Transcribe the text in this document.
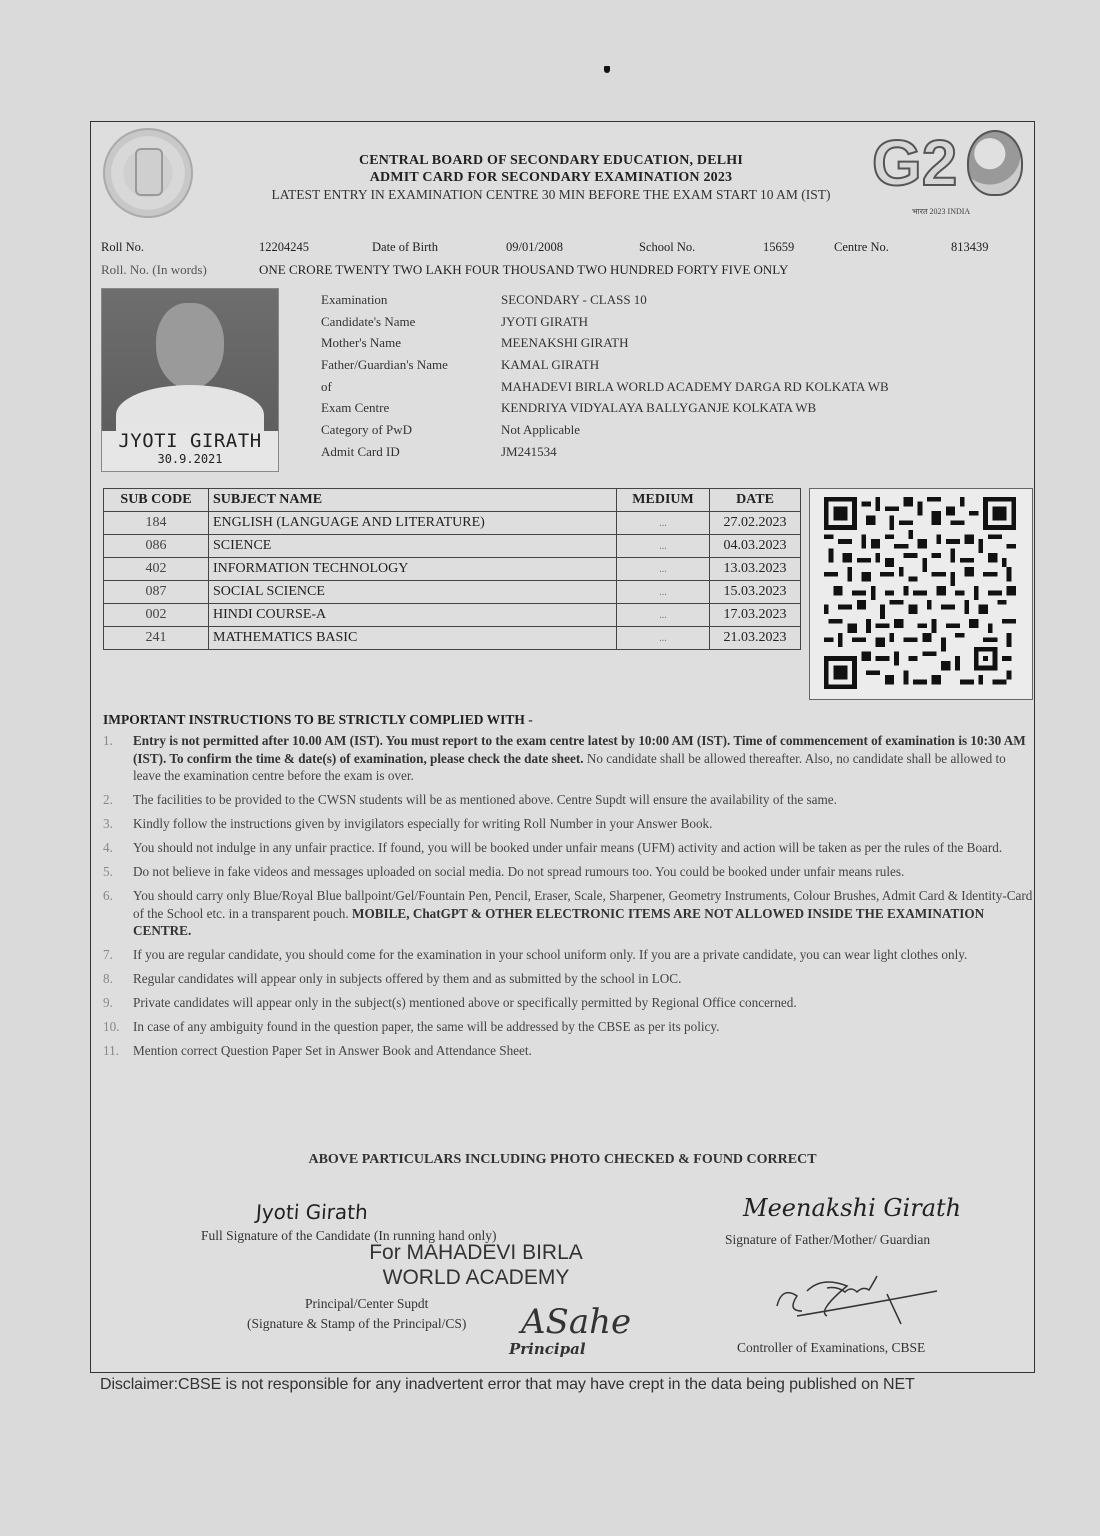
CENTRAL BOARD OF SECONDARY EDUCATION, DELHI
ADMIT CARD FOR SECONDARY EXAMINATION 2023
LATEST ENTRY IN EXAMINATION CENTRE 30 MIN BEFORE THE EXAM START 10 AM (IST) G2
भारत 2023 INDIA
Roll No.	12204245	Date of Birth	09/01/2008	School No.	15659	Centre No.	813439
Roll. No. (In words)	ONE CRORE TWENTY TWO LAKH FOUR THOUSAND TWO HUNDRED FORTY FIVE ONLY
JYOTI GIRATH
30.9.2021
Examination	SECONDARY - CLASS 10
Candidate's Name	JYOTI GIRATH
Mother's Name	MEENAKSHI GIRATH
Father/Guardian's Name	KAMAL GIRATH
of	MAHADEVI BIRLA WORLD ACADEMY DARGA RD KOLKATA WB
Exam Centre	KENDRIYA VIDYALAYA BALLYGANJE KOLKATA WB
Category of PwD	Not Applicable
Admit Card ID	JM241534
SUB CODE	SUBJECT NAME	MEDIUM	DATE
184	ENGLISH (LANGUAGE AND LITERATURE)	...	27.02.2023
086	SCIENCE	...	04.03.2023
402	INFORMATION TECHNOLOGY	...	13.03.2023
087	SOCIAL SCIENCE	...	15.03.2023
002	HINDI COURSE-A	...	17.03.2023
241	MATHEMATICS BASIC	...	21.03.2023
IMPORTANT INSTRUCTIONS TO BE STRICTLY COMPLIED WITH -
1. Entry is not permitted after 10.00 AM (IST). You must report to the exam centre latest by 10:00 AM (IST). Time of commencement of examination is 10:30 AM (IST). To confirm the time & date(s) of examination, please check the date sheet. No candidate shall be allowed thereafter. Also, no candidate shall be allowed to leave the examination centre before the exam is over.
2. The facilities to be provided to the CWSN students will be as mentioned above. Centre Supdt will ensure the availability of the same.
3. Kindly follow the instructions given by invigilators especially for writing Roll Number in your Answer Book.
4. You should not indulge in any unfair practice. If found, you will be booked under unfair means (UFM) activity and action will be taken as per the rules of the Board.
5. Do not believe in fake videos and messages uploaded on social media. Do not spread rumours too. You could be booked under unfair means rules.
6. You should carry only Blue/Royal Blue ballpoint/Gel/Fountain Pen, Pencil, Eraser, Scale, Sharpener, Geometry Instruments, Colour Brushes, Admit Card & Identity-Card of the School etc. in a transparent pouch. MOBILE, ChatGPT & OTHER ELECTRONIC ITEMS ARE NOT ALLOWED INSIDE THE EXAMINATION CENTRE.
7. If you are regular candidate, you should come for the examination in your school uniform only. If you are a private candidate, you can wear light clothes only.
8. Regular candidates will appear only in subjects offered by them and as submitted by the school in LOC.
9. Private candidates will appear only in the subject(s) mentioned above or specifically permitted by Regional Office concerned.
10. In case of any ambiguity found in the question paper, the same will be addressed by the CBSE as per its policy.
11. Mention correct Question Paper Set in Answer Book and Attendance Sheet.
ABOVE PARTICULARS INCLUDING PHOTO CHECKED & FOUND CORRECT
Jyoti Girath
Full Signature of the Candidate (In running hand only)
For MAHADEVI BIRLA
WORLD ACADEMY
Principal/Center Supdt
(Signature & Stamp of the Principal/CS) ASahe
Principal
Meenakshi Girath
Signature of Father/Mother/ Guardian
Controller of Examinations, CBSE
Disclaimer:CBSE is not responsible for any inadvertent error that may have crept in the data being published on NET
